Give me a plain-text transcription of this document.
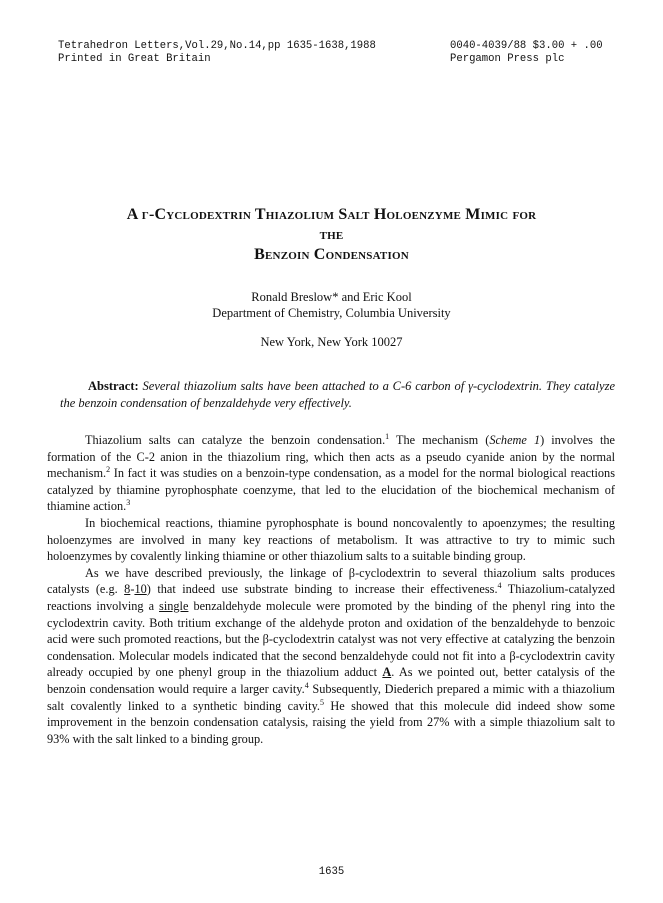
Tetrahedron Letters,Vol.29,No.14,pp 1635-1638,1988
Printed in Great Britain
0040-4039/88 $3.00 + .00
Pergamon Press plc
A γ-Cyclodextrin Thiazolium Salt Holoenzyme Mimic for
the
Benzoin Condensation
Ronald Breslow* and Eric Kool
Department of Chemistry, Columbia University
New York, New York 10027
Abstract: Several thiazolium salts have been attached to a C-6 carbon of γ-cyclodextrin. They catalyze the benzoin condensation of benzaldehyde very effectively.

Thiazolium salts can catalyze the benzoin condensation.$^1$ The mechanism (Scheme 1) involves the formation of the C-2 anion in the thiazolium ring, which then acts as a pseudo cyanide anion by the normal mechanism.$^2$ In fact it was studies on a benzoin-type condensation, as a model for the normal biological reactions catalyzed by thiamine pyrophosphate coenzyme, that led to the elucidation of the biochemical mechanism of thiamine action.$^3$

In biochemical reactions, thiamine pyrophosphate is bound noncovalently to apoenzymes; the resulting holoenzymes are involved in many key reactions of metabolism. It was attractive to try to mimic such holoenzymes by covalently linking thiamine or other thiazolium salts to a suitable binding group.

As we have described previously, the linkage of β-cyclodextrin to several thiazolium salts produces catalysts (e.g. 8-10) that indeed use substrate binding to increase their effectiveness.$^4$ Thiazolium-catalyzed reactions involving a single benzaldehyde molecule were promoted by the binding of the phenyl ring into the cyclodextrin cavity. Both tritium exchange of the aldehyde proton and oxidation of the benzaldehyde to benzoic acid were such promoted reactions, but the β-cyclodextrin catalyst was not very effective at catalyzing the benzoin condensation. Molecular models indicated that the second benzaldehyde could not fit into a β-cyclodextrin cavity already occupied by one phenyl group in the thiazolium adduct A. As we pointed out, better catalysis of the benzoin condensation would require a larger cavity.$^4$ Subsequently, Diederich prepared a mimic with a thiazolium salt covalently linked to a synthetic binding cavity.$^5$ He showed that this molecule did indeed show some improvement in the benzoin condensation catalysis, raising the yield from 27% with a simple thiazolium salt to 93% with the salt linked to a binding group.

1635
